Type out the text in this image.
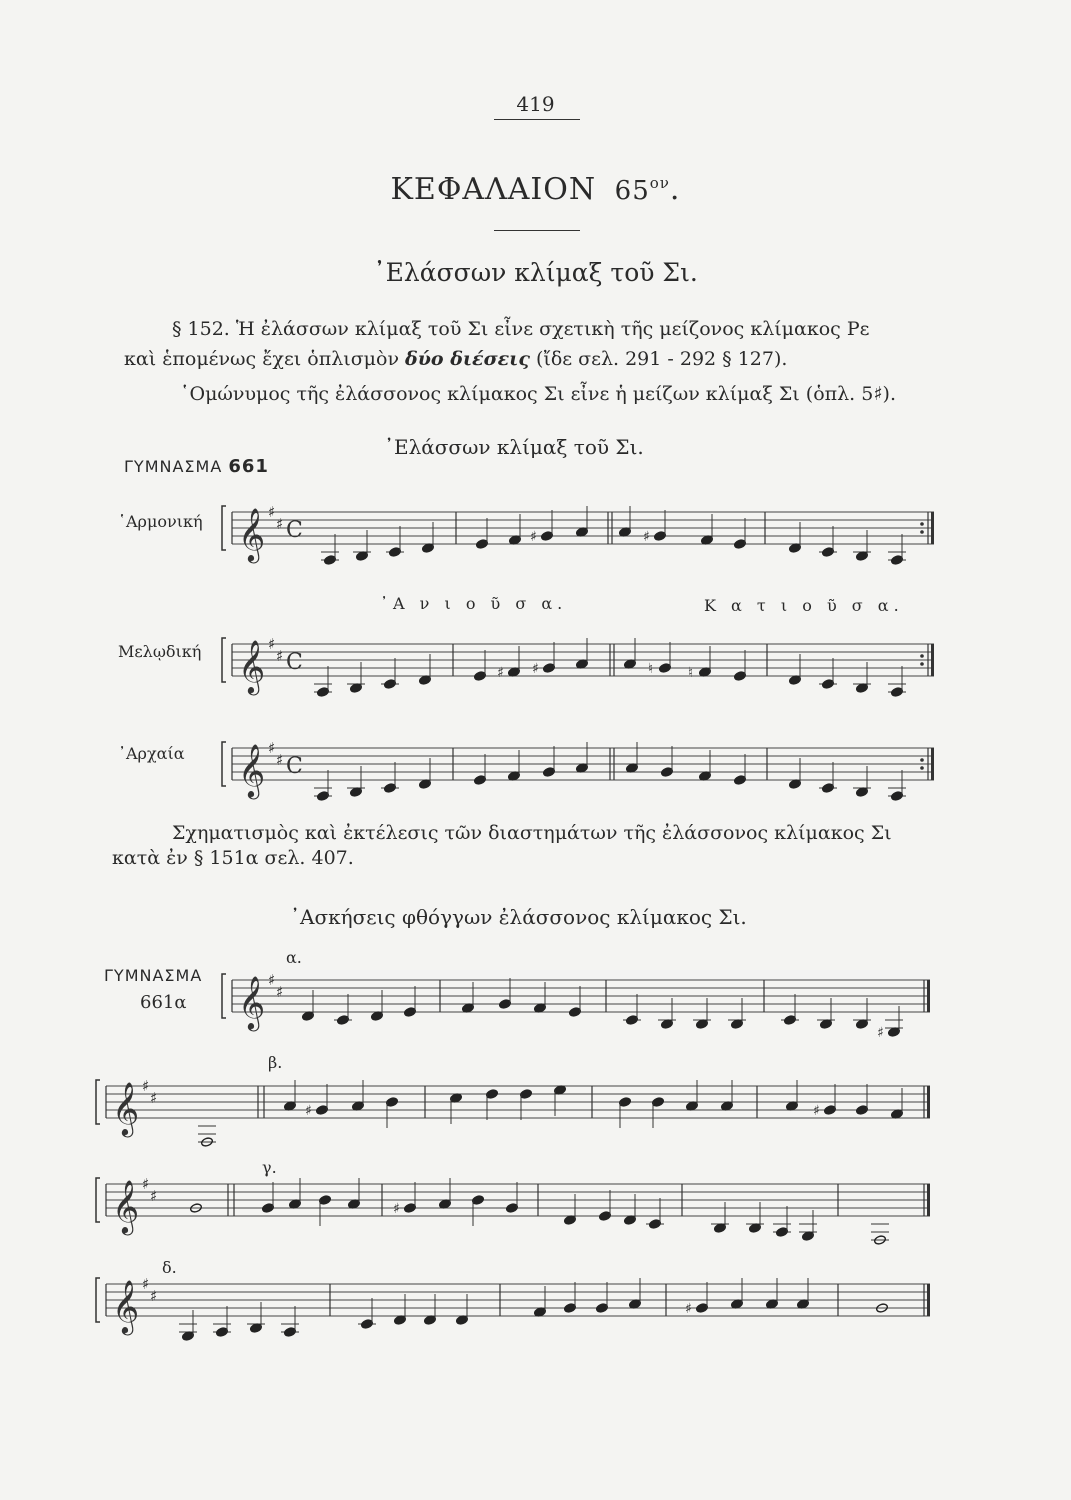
419
ΚΕΦΑΛΑΙΟΝ $65^{o\nu}$.
᾿Ελάσσων κλίμαξ τοῦ Σι.
§ 152. Ἡ ἐλάσσων κλίμαξ τοῦ Σι εἶνε σχετικὴ τῆς μείζονος κλίμακος Ρε
καὶ ἑπομένως ἔχει ὁπλισμὸν δύο διέσεις (ἴδε σελ. 291 - 292 § 127).
῾Ομώνυμος τῆς ἐλάσσονος κλίμακος Σι εἶνε ἡ μείζων κλίμαξ Σι (ὁπλ. 5♯).
᾿Ελάσσων κλίμαξ τοῦ Σι.
ΓΥΜΝΑΣΜΑ 661
῾Αρμονική
᾿Α ν ι ο ῦ σ α.	Κ α τ ι ο ῦ σ α.
Μελῳδική
᾿Αρχαία
Σχηματισμὸς καὶ ἐκτέλεσις τῶν διαστημάτων τῆς ἐλάσσονος κλίμακος Σι
κατὰ ἐν § 151α σελ. 407.
᾿Ασκήσεις φθόγγων ἐλάσσονος κλίμακος Σι.
ΓΥΜΝΑΣΜΑ
661α
α.
β.
γ.
δ.
𝄞 ♯
♯ C	♯	♯
𝄞 ♯
♯ C	♯ ♯	♮ ♮
𝄞 ♯
♯ C
𝄞 ♯
♯
♯
𝄞 ♯
♯
♯	♯
𝄞 ♯
♯
♯
𝄞 ♯
♯
♯
